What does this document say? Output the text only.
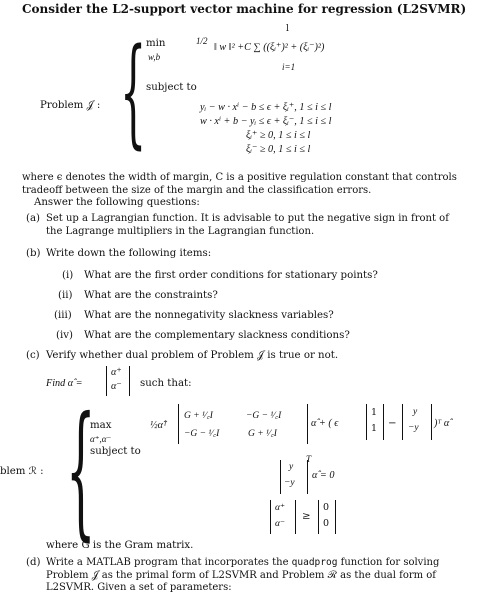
Consider the L2-support vector machine for regression (L2SVMR)
Problem 𝒥 : { min
w,b
1/2
l
‖ w ‖² +C ∑ ((ξᵢ⁺)² + (ξᵢ⁻)²)
i=1
subject to
yᵢ − w · xⁱ − b ≤ ϵ + ξᵢ⁺, 1 ≤ i ≤ l
w · xⁱ + b − yᵢ ≤ ϵ + ξᵢ⁻, 1 ≤ i ≤ l
ξᵢ⁺ ≥ 0, 1 ≤ i ≤ l
ξᵢ⁻ ≥ 0, 1 ≤ i ≤ l
where ϵ denotes the width of margin, C is a positive regulation constant that controls tradeoff between the size of the margin and the classification errors.
Answer the following questions:
(a) Set up a Lagrangian function. It is advisable to put the negative sign in front of the Lagrange multipliers in the Lagrangian function.
(b) Write down the following items:
(i) What are the first order conditions for stationary points?
(ii) What are the constraints?
(iii) What are the nonnegativity slackness variables?
(iv) What are the complementary slackness conditions?
(c) Verify whether dual problem of Problem 𝒥 is true or not.
Find α̂ =
α⁺
α⁻ such that:
blem ℛ : {
max
α⁺,α⁻
½α̂ᵀ
G + ¹⁄꜀I	−G − ¹⁄꜀I
−G − ¹⁄꜀I	G + ¹⁄꜀I
α̂ + ( ϵ
1
1 −
y
−y )ᵀ α̂
subject to
T
y
−y
α̂ = 0
α⁺
α⁻
≥
0
0
where G is the Gram matrix.
(d) Write a MATLAB program that incorporates the quadprog function for solving Problem 𝒥 as the primal form of L2SVMR and Problem ℛ as the dual form of L2SVMR. Given a set of parameters:
